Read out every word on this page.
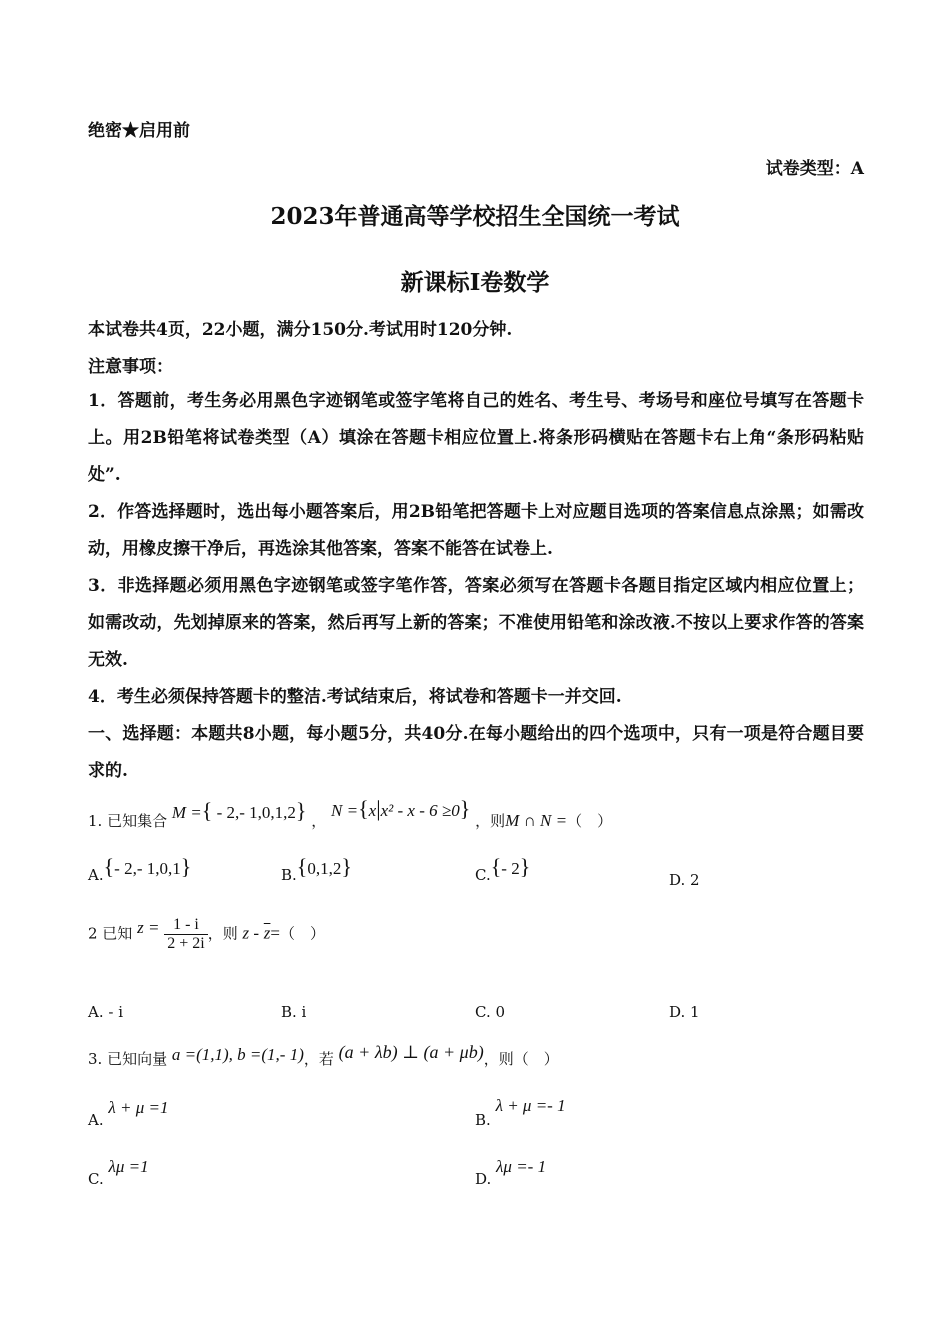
绝密★启用前
试卷类型：A
2023年普通高等学校招生全国统一考试
新课标Ⅰ卷数学
本试卷共4页，22小题，满分150分.考试用时120分钟.
注意事项：
1．答题前，考生务必用黑色字迹钢笔或签字笔将自己的姓名、考生号、考场号和座位号填写在答题卡上。用2B铅笔将试卷类型（A）填涂在答题卡相应位置上.将条形码横贴在答题卡右上角“条形码粘贴处”.
2．作答选择题时，选出每小题答案后，用2B铅笔把答题卡上对应题目选项的答案信息点涂黑；如需改动，用橡皮擦干净后，再选涂其他答案，答案不能答在试卷上.
3．非选择题必须用黑色字迹钢笔或签字笔作答，答案必须写在答题卡各题目指定区域内相应位置上；如需改动，先划掉原来的答案，然后再写上新的答案；不准使用铅笔和涂改液.不按以上要求作答的答案无效.
4．考生必须保持答题卡的整洁.考试结束后，将试卷和答题卡一并交回.
一、选择题：本题共8小题，每小题5分，共40分.在每小题给出的四个选项中，只有一项是符合题目要求的.
1. 已知集合 M ={ - 2,- 1,0,1,2} ， N ={x|x² - x - 6 ≥0} ，则M ∩ N =（　）
A.{- 2,- 1,0,1}	B.{0,1,2}	C.{- 2}
D. 2
2 已知 $z = \frac{1 - i}{2 + 2i}$ ，则 $z - \overline{z}=$（　）
A. - i	B. i	C. 0	D. 1
3. 已知向量 a =(1,1), b =(1,- 1)，若 (a + λb) ⊥ (a + μb)，则（　）
A. λ + μ =1
B. λ + μ =- 1
C. λμ =1
D. λμ =- 1
